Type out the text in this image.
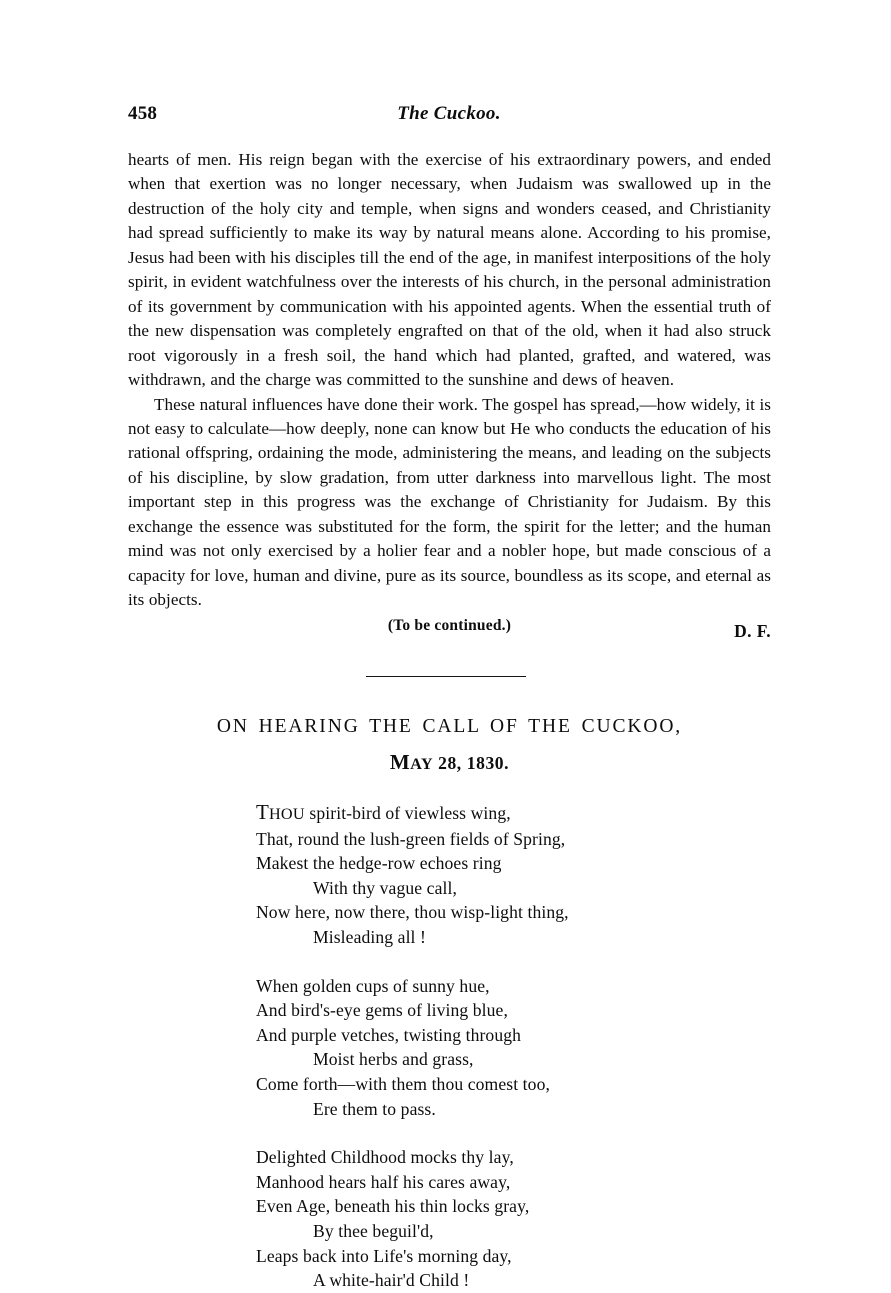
458	The Cuckoo.

hearts of men. His reign began with the exercise of his extraordinary powers, and ended when that exertion was no longer necessary, when Judaism was swallowed up in the destruction of the holy city and temple, when signs and wonders ceased, and Christianity had spread sufficiently to make its way by natural means alone. According to his promise, Jesus had been with his disciples till the end of the age, in manifest interpositions of the holy spirit, in evident watchfulness over the interests of his church, in the personal administration of its government by communication with his appointed agents. When the essential truth of the new dispensation was completely engrafted on that of the old, when it had also struck root vigorously in a fresh soil, the hand which had planted, grafted, and watered, was withdrawn, and the charge was committed to the sunshine and dews of heaven.

These natural influences have done their work. The gospel has spread,—how widely, it is not easy to calculate—how deeply, none can know but He who conducts the education of his rational offspring, ordaining the mode, administering the means, and leading on the subjects of his discipline, by slow gradation, from utter darkness into marvellous light. The most important step in this progress was the exchange of Christianity for Judaism. By this exchange the essence was substituted for the form, the spirit for the letter; and the human mind was not only exercised by a holier fear and a nobler hope, but made conscious of a capacity for love, human and divine, pure as its source, boundless as its scope, and eternal as its objects.

D. F.

(To be continued.)
ON HEARING THE CALL OF THE CUCKOO,
MAY 28, 1830.
THOU spirit-bird of viewless wing,
That, round the lush-green fields of Spring,
Makest the hedge-row echoes ring
With thy vague call,
Now here, now there, thou wisp-light thing,
Misleading all !
When golden cups of sunny hue,
And bird's-eye gems of living blue,
And purple vetches, twisting through
Moist herbs and grass,
Come forth—with them thou comest too,
Ere them to pass.
Delighted Childhood mocks thy lay,
Manhood hears half his cares away,
Even Age, beneath his thin locks gray,
By thee beguil'd,
Leaps back into Life's morning day,
A white-hair'd Child !
